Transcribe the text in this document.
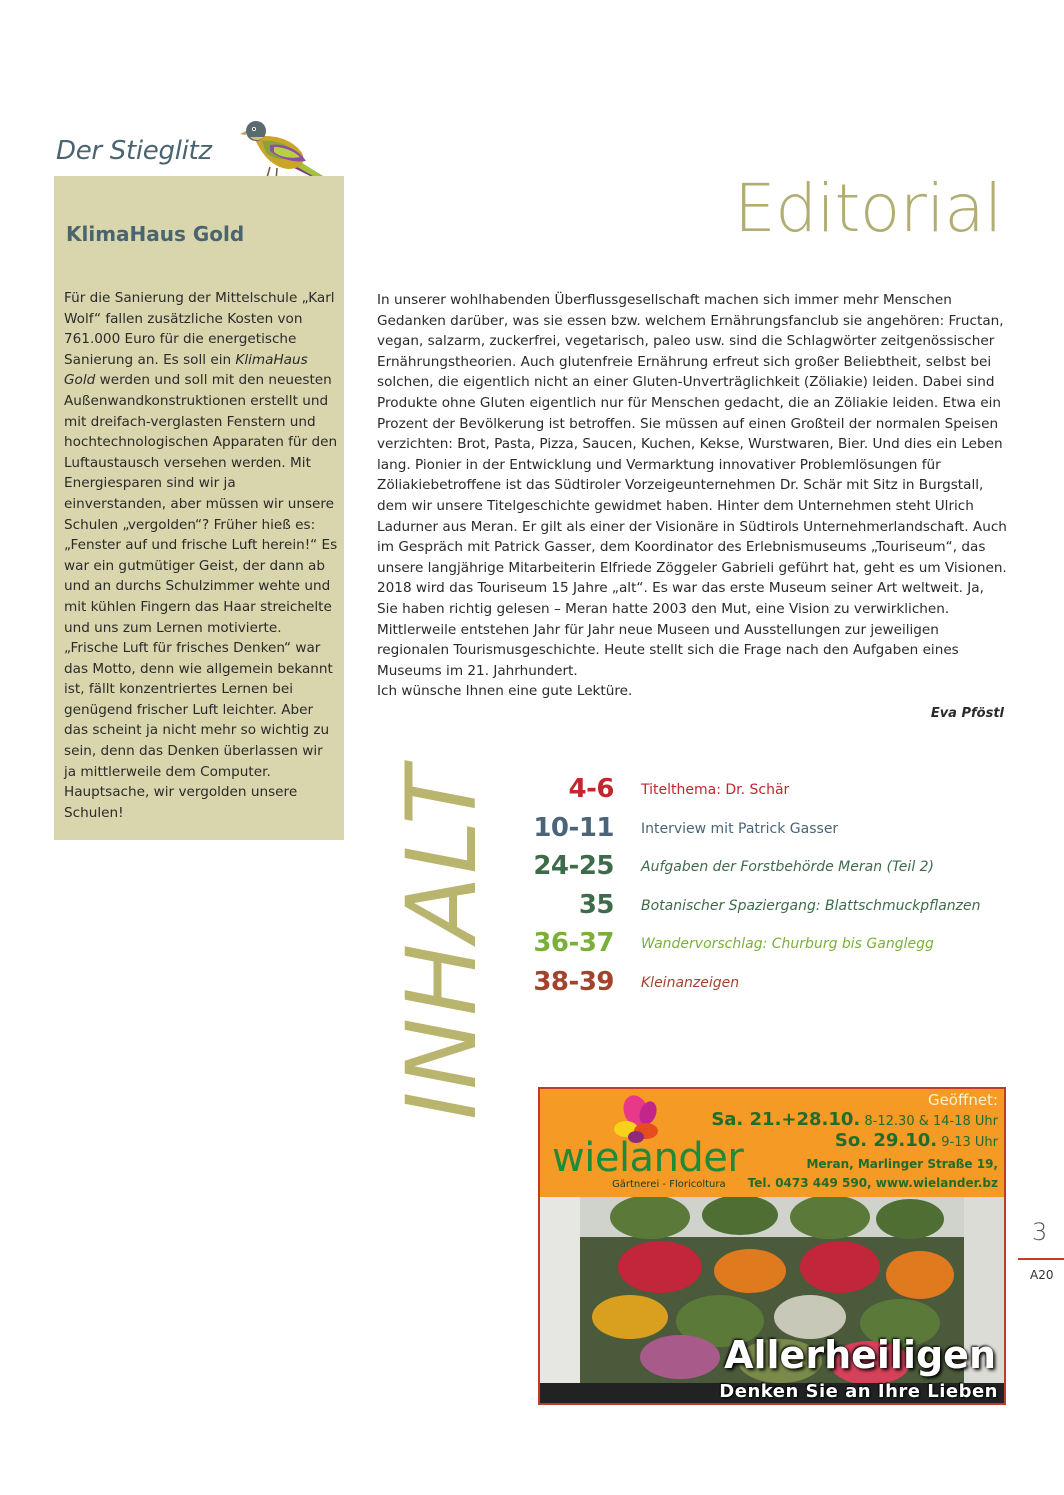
Der Stieglitz
KlimaHaus Gold
Für die Sanierung der Mittelschule „Karl Wolf“ fallen zusätzliche Kosten von 761.000 Euro für die energetische Sanierung an. Es soll ein KlimaHaus Gold werden und soll mit den neuesten Außenwandkonstruktionen erstellt und mit dreifach-verglasten Fenstern und hochtechnologischen Apparaten für den Luftaustausch versehen werden. Mit Energiesparen sind wir ja einverstanden, aber müssen wir unsere Schulen „vergolden“? Früher hieß es: „Fenster auf und frische Luft herein!“ Es war ein gutmütiger Geist, der dann ab und an durchs Schulzimmer wehte und mit kühlen Fingern das Haar streichelte und uns zum Lernen motivierte. „Frische Luft für frisches Denken“ war das Motto, denn wie allgemein bekannt ist, fällt konzentriertes Lernen bei genügend frischer Luft leichter. Aber das scheint ja nicht mehr so wichtig zu sein, denn das Denken überlassen wir ja mittlerweile dem Computer. Hauptsache, wir vergolden unsere Schulen!
Editorial

In unserer wohlhabenden Überflussgesellschaft machen sich immer mehr Menschen Gedanken darüber, was sie essen bzw. welchem Ernährungsfanclub sie angehören: Fructan, vegan, salzarm, zuckerfrei, vegetarisch, paleo usw. sind die Schlagwörter zeitgenössischer Ernährungstheorien. Auch glutenfreie Ernährung erfreut sich großer Beliebtheit, selbst bei solchen, die eigentlich nicht an einer Gluten-Unverträglichkeit (Zöliakie) leiden. Dabei sind Produkte ohne Gluten eigentlich nur für Menschen gedacht, die an Zöliakie leiden. Etwa ein Prozent der Bevölkerung ist betroffen. Sie müssen auf einen Großteil der normalen Speisen verzichten: Brot, Pasta, Pizza, Saucen, Kuchen, Kekse, Wurstwaren, Bier. Und dies ein Leben lang. Pionier in der Entwicklung und Vermarktung innovativer Problemlösungen für Zöliakiebetroffene ist das Südtiroler Vorzeigeunternehmen Dr. Schär mit Sitz in Burgstall, dem wir unsere Titelgeschichte gewidmet haben. Hinter dem Unternehmen steht Ulrich Ladurner aus Meran. Er gilt als einer der Visionäre in Südtirols Unternehmerlandschaft. Auch im Gespräch mit Patrick Gasser, dem Koordinator des Erlebnismuseums „Touriseum“, das unsere langjährige Mitarbeiterin Elfriede Zöggeler Gabrieli geführt hat, geht es um Visionen. 2018 wird das Touriseum 15 Jahre „alt“. Es war das erste Museum seiner Art weltweit. Ja, Sie haben richtig gelesen – Meran hatte 2003 den Mut, eine Vision zu verwirklichen. Mittlerweile entstehen Jahr für Jahr neue Museen und Ausstellungen zur jeweiligen regionalen Tourismusgeschichte. Heute stellt sich die Frage nach den Aufgaben eines Museums im 21. Jahrhundert.

Ich wünsche Ihnen eine gute Lektüre.

Eva Pföstl
INHALT	4-6 Titelthema: Dr. Schär
10-11 Interview mit Patrick Gasser
24-25 Aufgaben der Forstbehörde Meran (Teil 2)
35 Botanischer Spaziergang: Blattschmuckpflanzen
36-37 Wandervorschlag: Churburg bis Ganglegg
38-39 Kleinanzeigen
wielander
Gärtnerei - Floricoltura
Geöffnet:
Sa. 21.+28.10. 8-12.30 & 14-18 Uhr
So. 29.10. 9-13 Uhr
Meran, Marlinger Straße 19,
Tel. 0473 449 590, www.wielander.bz
Allerheiligen
Denken Sie an Ihre Lieben
3
A20
